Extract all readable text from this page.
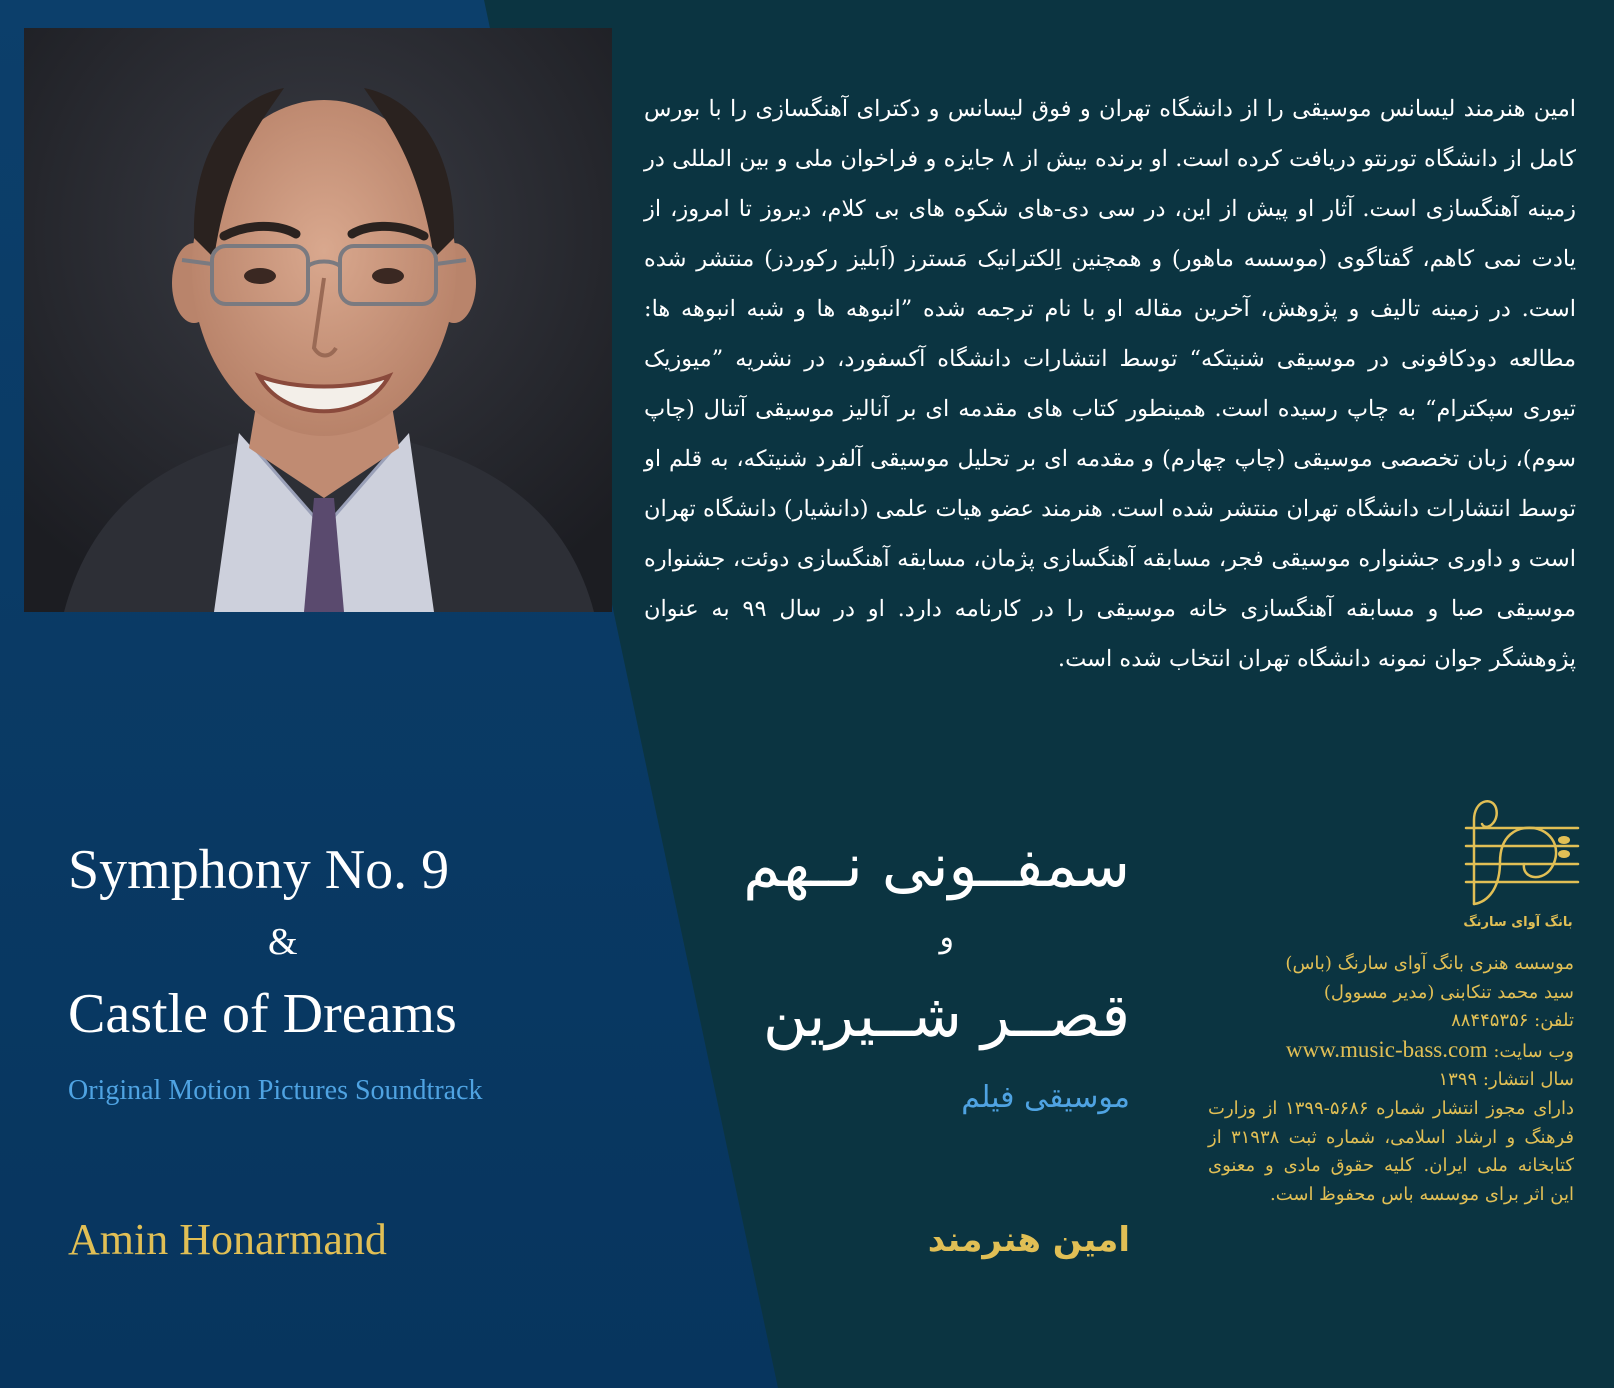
امین هنرمند لیسانس موسیقی را از دانشگاه تهران و فوق لیسانس و دکترای آهنگسازی را با بورس کامل از دانشگاه تورنتو دریافت کرده است. او برنده بیش از ۸ جایزه و فراخوان ملی و بین المللی در زمینه آهنگسازی است. آثار او پیش از این، در سی دی-های شکوه های بی کلام، دیروز تا امروز، از یادت نمی کاهم، گفتاگوی (موسسه ماهور) و همچنین اِلکترانیک مَسترز (اَبلیز رکوردز) منتشر شده است. در زمینه تالیف و پژوهش، آخرین مقاله او با نام ترجمه شده ”انبوهه ها و شبه انبوهه ها: مطالعه دودکافونی در موسیقی شنیتکه“ توسط انتشارات دانشگاه آکسفورد، در نشریه ”میوزیک تیوری سپکترام“ به چاپ رسیده است. همینطور کتاب های مقدمه ای بر آنالیز موسیقی آتنال (چاپ سوم)، زبان تخصصی موسیقی (چاپ چهارم) و مقدمه ای بر تحلیل موسیقی آلفرد شنیتکه، به قلم او توسط انتشارات دانشگاه تهران منتشر شده است. هنرمند عضو هیات علمی (دانشیار) دانشگاه تهران است و داوری جشنواره موسیقی فجر، مسابقه آهنگسازی پژمان، مسابقه آهنگسازی دوئت، جشنواره موسیقی صبا و مسابقه آهنگسازی خانه موسیقی را در کارنامه دارد. او در سال ۹۹ به عنوان پژوهشگر جوان نمونه دانشگاه تهران انتخاب شده است.

Symphony No. 9
&
Castle of Dreams
Original Motion Pictures Soundtrack
Amin Honarmand
سمفــونی نــهم
و
قصــر شــیرین
موسیقی فیلم
امین هنرمند
بانگ آوای سارنگ
موسسه هنری بانگ آوای سارنگ (باس)
سید محمد تنکابنی (مدیر مسوول)
تلفن: ۸۸۴۴۵۳۵۶
وب سایت: www.music-bass.com
سال انتشار: ۱۳۹۹
دارای مجوز انتشار شماره ۵۶۸۶-۱۳۹۹ از وزارت فرهنگ و ارشاد اسلامی، شماره ثبت ۳۱۹۳۸ از کتابخانه ملی ایران. کلیه حقوق مادی و معنوی این اثر برای موسسه باس محفوظ است.
